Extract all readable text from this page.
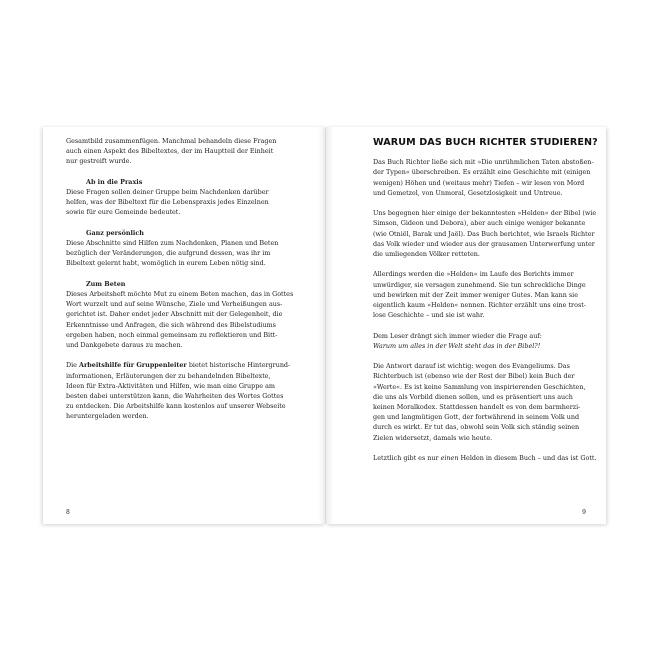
Gesamtbild zusammenfügen. Manchmal behandeln diese Fragen

auch einen Aspekt des Bibeltextes, der im Hauptteil der Einheit

nur gestreift wurde.

Ab in die Praxis

Diese Fragen sollen deiner Gruppe beim Nachdenken darüber

helfen, was der Bibeltext für die Lebenspraxis jedes Einzelnen

sowie für eure Gemeinde bedeutet.

Ganz persönlich

Diese Abschnitte sind Hilfen zum Nachdenken, Planen und Beten

bezüglich der Veränderungen, die aufgrund dessen, was ihr im

Bibeltext gelernt habt, womöglich in eurem Leben nötig sind.

Zum Beten

Dieses Arbeitsheft möchte Mut zu einem Beten machen, das in Gottes

Wort wurzelt und auf seine Wünsche, Ziele und Verheißungen aus-

gerichtet ist. Daher endet jeder Abschnitt mit der Gelegenheit, die

Erkenntnisse und Anfragen, die sich während des Bibelstudiums

ergeben haben, noch einmal gemeinsam zu reflektieren und Bitt-

und Dankgebete daraus zu machen.

Die Arbeitshilfe für Gruppenleiter bietet historische Hintergrund-

informationen, Erläuterungen der zu behandelnden Bibeltexte,

Ideen für Extra-Aktivitäten und Hilfen, wie man eine Gruppe am

besten dabei unterstützen kann, die Wahrheiten des Wortes Gottes

zu entdecken. Die Arbeitshilfe kann kostenlos auf unserer Webseite

heruntergeladen werden.

8
WARUM DAS BUCH RICHTER STUDIEREN?

Das Buch Richter ließe sich mit »Die unrühmlichen Taten abstoßen-

der Typen« überschreiben. Es erzählt eine Geschichte mit (einigen

wenigen) Höhen und (weitaus mehr) Tiefen – wir lesen von Mord

und Gemetzel, von Unmoral, Gesetzlosigkeit und Untreue.

Uns begegnen hier einige der bekanntesten »Helden« der Bibel (wie

Simson, Gideon und Debora), aber auch einige weniger bekannte

(wie Otniël, Barak und Jaël). Das Buch berichtet, wie Israels Richter

das Volk wieder und wieder aus der grausamen Unterwerfung unter

die umliegenden Völker retteten.

Allerdings werden die »Helden« im Laufe des Berichts immer

unwürdiger, sie versagen zunehmend. Sie tun schreckliche Dinge

und bewirken mit der Zeit immer weniger Gutes. Man kann sie

eigentlich kaum »Helden« nennen. Richter erzählt uns eine trost-

lose Geschichte – und sie ist wahr.

Dem Leser drängt sich immer wieder die Frage auf:

Warum um alles in der Welt steht das in der Bibel?!

Die Antwort darauf ist wichtig: wegen des Evangeliums. Das

Richterbuch ist (ebenso wie der Rest der Bibel) kein Buch der

»Werte«. Es ist keine Sammlung von inspirierenden Geschichten,

die uns als Vorbild dienen sollen, und es präsentiert uns auch

keinen Moralkodex. Stattdessen handelt es von dem barmherzi-

gen und langmütigen Gott, der fortwährend in seinem Volk und

durch es wirkt. Er tut das, obwohl sein Volk sich ständig seinen

Zielen widersetzt, damals wie heute.

Letztlich gibt es nur einen Helden in diesem Buch – und das ist Gott.

9
